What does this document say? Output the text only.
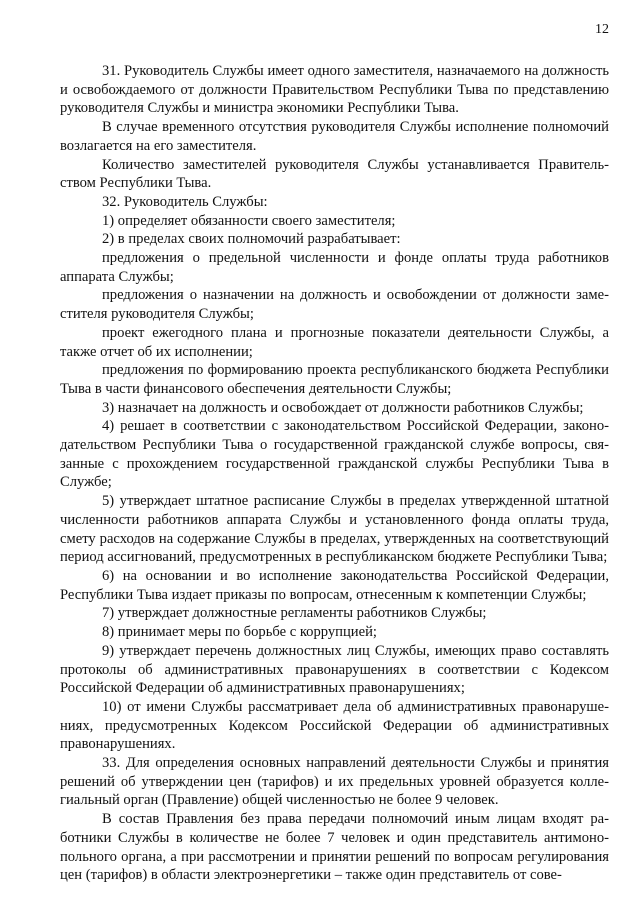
12

31. Руководитель Службы имеет одного заместителя, назначаемого на должность и освобождаемого от должности Правительством Республики Тыва по представлению руководителя Службы и министра экономики Республики Тыва.

В случае временного отсутствия руководителя Службы исполнение полномочий возлагается на его заместителя.

Количество заместителей руководителя Службы устанавливается Правительством Республики Тыва.

32. Руководитель Службы:

1) определяет обязанности своего заместителя;

2) в пределах своих полномочий разрабатывает:

предложения о предельной численности и фонде оплаты труда работников аппарата Службы;

предложения о назначении на должность и освобождении от должности заместителя руководителя Службы;

проект ежегодного плана и прогнозные показатели деятельности Службы, а также отчет об их исполнении;

предложения по формированию проекта республиканского бюджета Республики Тыва в части финансового обеспечения деятельности Службы;

3) назначает на должность и освобождает от должности работников Службы;

4) решает в соответствии с законодательством Российской Федерации, законодательством Республики Тыва о государственной гражданской службе вопросы, связанные с прохождением государственной гражданской службы Республики Тыва в Службе;

5) утверждает штатное расписание Службы в пределах утвержденной штатной численности работников аппарата Службы и установленного фонда оплаты труда, смету расходов на содержание Службы в пределах, утвержденных на соответствующий период ассигнований, предусмотренных в республиканском бюджете Республики Тыва;

6) на основании и во исполнение законодательства Российской Федерации, Республики Тыва издает приказы по вопросам, отнесенным к компетенции Службы;

7) утверждает должностные регламенты работников Службы;

8) принимает меры по борьбе с коррупцией;

9) утверждает перечень должностных лиц Службы, имеющих право составлять протоколы об административных правонарушениях в соответствии с Кодексом Российской Федерации об административных правонарушениях;

10) от имени Службы рассматривает дела об административных правонарушениях, предусмотренных Кодексом Российской Федерации об административных правонарушениях.

33. Для определения основных направлений деятельности Службы и принятия решений об утверждении цен (тарифов) и их предельных уровней образуется коллегиальный орган (Правление) общей численностью не более 9 человек.

В состав Правления без права передачи полномочий иным лицам входят работники Службы в количестве не более 7 человек и один представитель антимонопольного органа, а при рассмотрении и принятии решений по вопросам регулирования цен (тарифов) в области электроэнергетики – также один представитель от сове-
